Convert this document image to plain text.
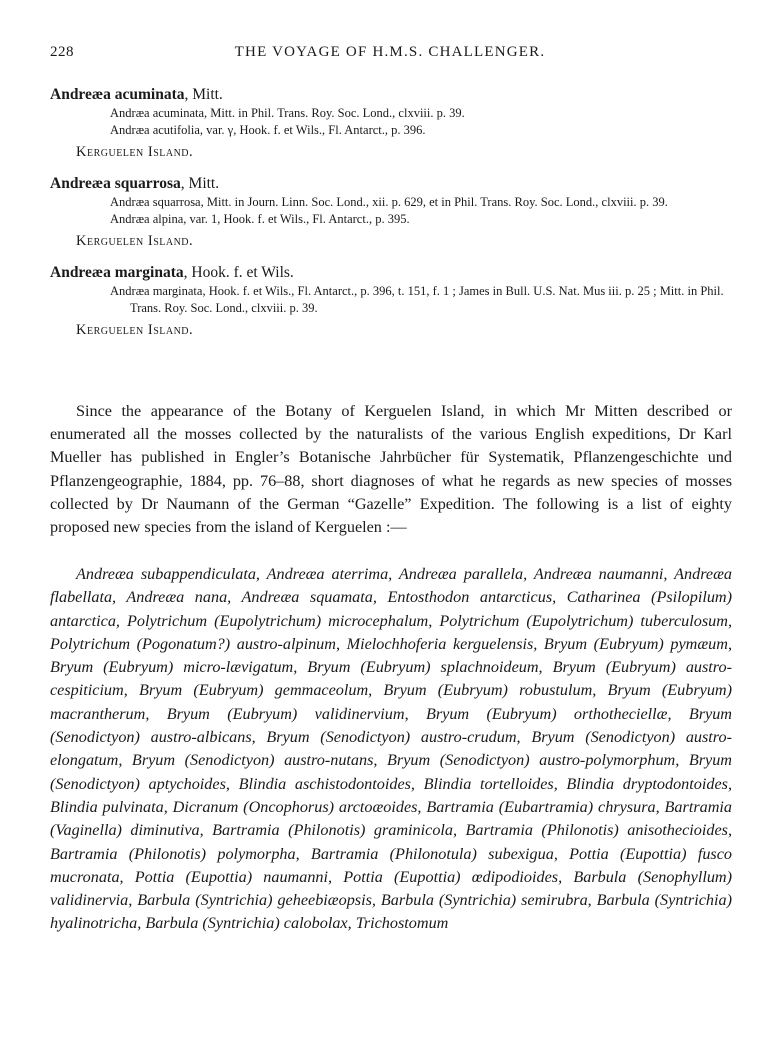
228	THE VOYAGE OF H.M.S. CHALLENGER.

Andreæa acuminata, Mitt.

Andræa acuminata, Mitt. in Phil. Trans. Roy. Soc. Lond., clxviii. p. 39.
Andræa acutifolia, var. γ, Hook. f. et Wils., Fl. Antarct., p. 396.

Kerguelen Island.

Andreæa squarrosa, Mitt.

Andræa squarrosa, Mitt. in Journ. Linn. Soc. Lond., xii. p. 629, et in Phil. Trans. Roy. Soc. Lond., clxviii. p. 39.
Andræa alpina, var. 1, Hook. f. et Wils., Fl. Antarct., p. 395.

Kerguelen Island.

Andreæa marginata, Hook. f. et Wils.

Andræa marginata, Hook. f. et Wils., Fl. Antarct., p. 396, t. 151, f. 1 ; James in Bull. U.S. Nat. Mus iii. p. 25 ; Mitt. in Phil. Trans. Roy. Soc. Lond., clxviii. p. 39.

Kerguelen Island.

Since the appearance of the Botany of Kerguelen Island, in which Mr Mitten described or enumerated all the mosses collected by the naturalists of the various English expeditions, Dr Karl Mueller has published in Engler’s Botanische Jahrbücher für Systematik, Pflanzengeschichte und Pflanzengeographie, 1884, pp. 76–88, short diagnoses of what he regards as new species of mosses collected by Dr Naumann of the German “Gazelle” Expedition. The following is a list of eighty proposed new species from the island of Kerguelen :—

Andreæa subappendiculata, Andreæa aterrima, Andreæa parallela, Andreæa naumanni, Andreæa flabellata, Andreæa nana, Andreæa squamata, Entosthodon antarcticus, Catharinea (Psilopilum) antarctica, Polytrichum (Eupolytrichum) microcephalum, Polytrichum (Eupolytrichum) tuberculosum, Polytrichum (Pogonatum?) austro-alpinum, Mielochhoferia kerguelensis, Bryum (Eubryum) pymæum, Bryum (Eubryum) micro-lævigatum, Bryum (Eubryum) splachnoideum, Bryum (Eubryum) austro-cespiticium, Bryum (Eubryum) gemmaceolum, Bryum (Eubryum) robustulum, Bryum (Eubryum) macrantherum, Bryum (Eubryum) validinervium, Bryum (Eubryum) orthotheciellæ, Bryum (Senodictyon) austro-albicans, Bryum (Senodictyon) austro-crudum, Bryum (Senodictyon) austro-elongatum, Bryum (Senodictyon) austro-nutans, Bryum (Senodictyon) austro-polymorphum, Bryum (Senodictyon) aptychoides, Blindia aschistodontoides, Blindia tortelloides, Blindia dryptodontoides, Blindia pulvinata, Dicranum (Oncophorus) arctoæoides, Bartramia (Eubartramia) chrysura, Bartramia (Vaginella) diminutiva, Bartramia (Philonotis) graminicola, Bartramia (Philonotis) anisothecioides, Bartramia (Philonotis) polymorpha, Bartramia (Philonotula) subexigua, Pottia (Eupottia) fusco mucronata, Pottia (Eupottia) naumanni, Pottia (Eupottia) œdipodioides, Barbula (Senophyllum) validinervia, Barbula (Syntrichia) geheebiæopsis, Barbula (Syntrichia) semirubra, Barbula (Syntrichia) hyalinotricha, Barbula (Syntrichia) calobolax, Trichostomum
